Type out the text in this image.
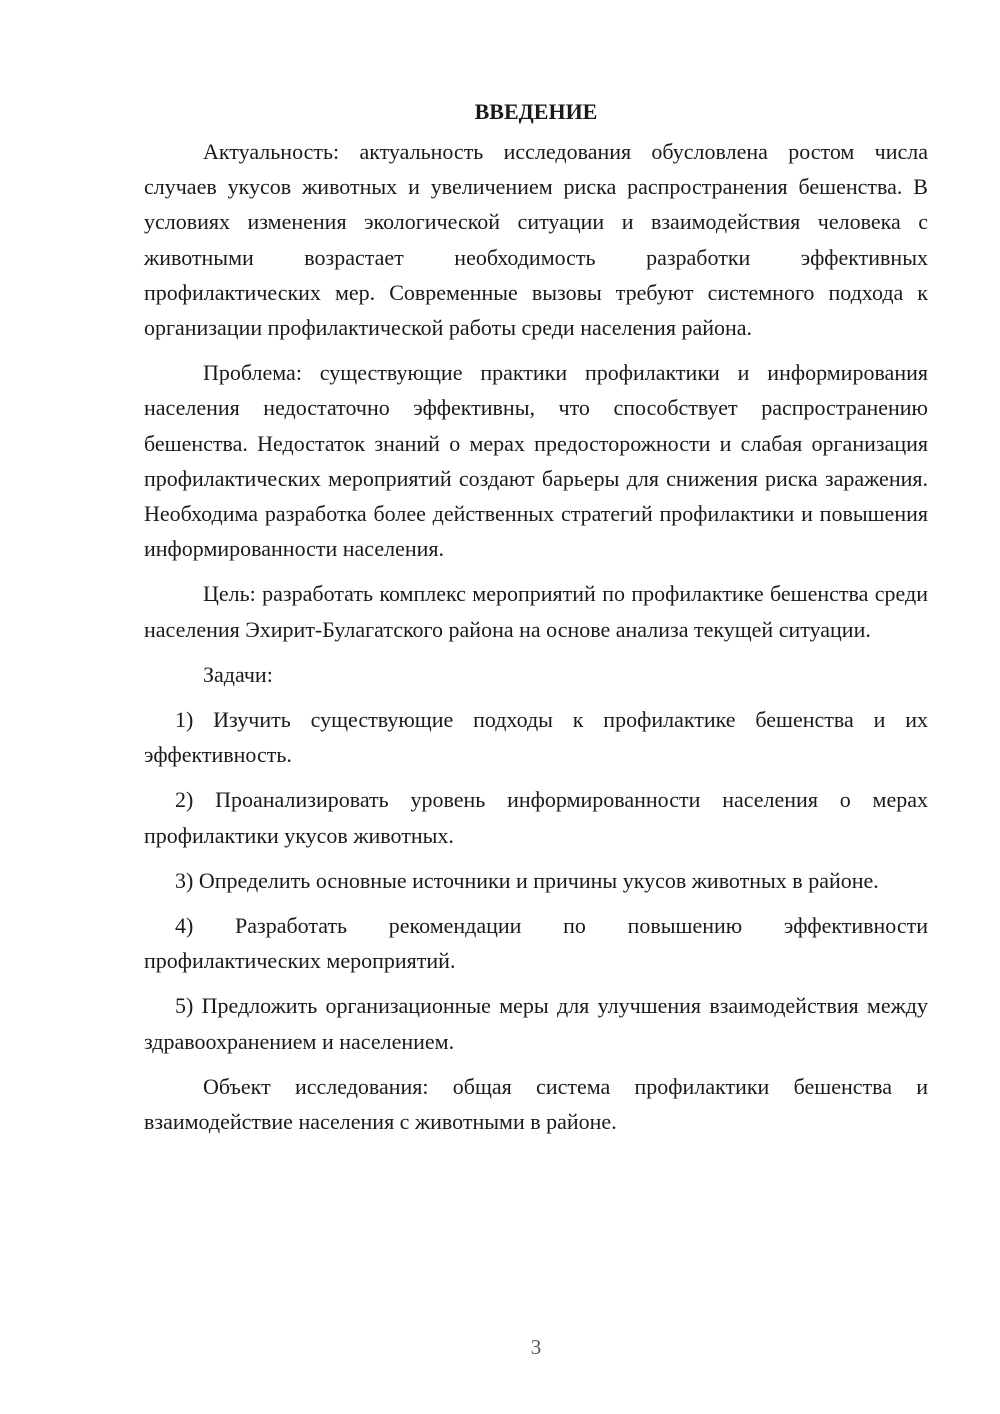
ВВЕДЕНИЕ

Актуальность: актуальность исследования обусловлена ростом числа случаев укусов животных и увеличением риска распространения бешенства. В условиях изменения экологической ситуации и взаимодействия человека с животными возрастает необходимость разработки эффективных профилактических мер. Современные вызовы требуют системного подхода к организации профилактической работы среди населения района.

Проблема: существующие практики профилактики и информирования населения недостаточно эффективны, что способствует распространению бешенства. Недостаток знаний о мерах предосторожности и слабая организация профилактических мероприятий создают барьеры для снижения риска заражения. Необходима разработка более действенных стратегий профилактики и повышения информированности населения.

Цель: разработать комплекс мероприятий по профилактике бешенства среди населения Эхирит-Булагатского района на основе анализа текущей ситуации.

Задачи:

1) Изучить существующие подходы к профилактике бешенства и их эффективность.

2) Проанализировать уровень информированности населения о мерах профилактики укусов животных.

3) Определить основные источники и причины укусов животных в районе.

4) Разработать рекомендации по повышению эффективности профилактических мероприятий.

5) Предложить организационные меры для улучшения взаимодействия между здравоохранением и населением.

Объект исследования: общая система профилактики бешенства и взаимодействие населения с животными в районе.

3
